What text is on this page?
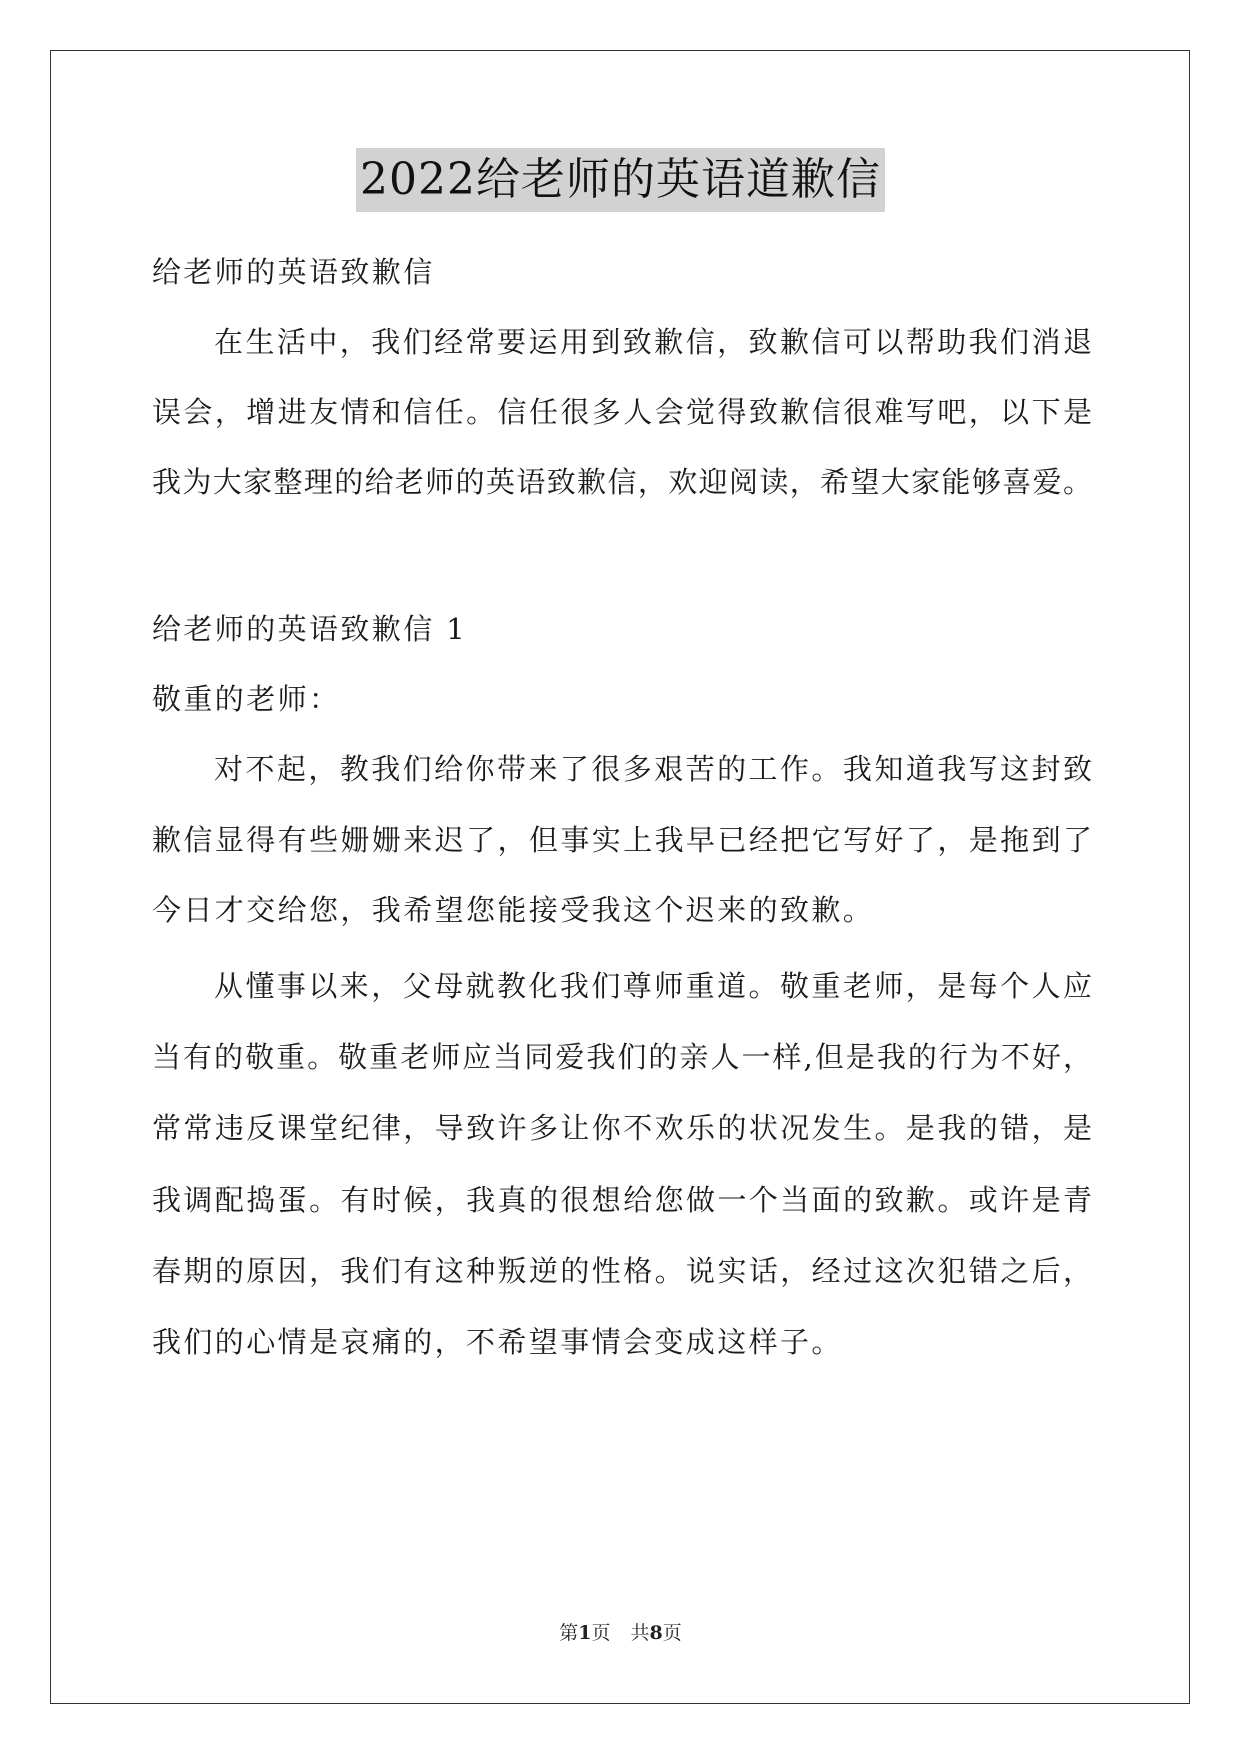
2022给老师的英语道歉信
给老师的英语致歉信
在生活中，我们经常要运用到致歉信，致歉信可以帮助我们消退
误会，增进友情和信任。信任很多人会觉得致歉信很难写吧，以下是
我为大家整理的给老师的英语致歉信，欢迎阅读，希望大家能够喜爱。
给老师的英语致歉信 1
敬重的老师：
对不起，教我们给你带来了很多艰苦的工作。我知道我写这封致
歉信显得有些姗姗来迟了，但事实上我早已经把它写好了，是拖到了
今日才交给您，我希望您能接受我这个迟来的致歉。
从懂事以来，父母就教化我们尊师重道。敬重老师，是每个人应
当有的敬重。敬重老师应当同爱我们的亲人一样,但是我的行为不好，
常常违反课堂纪律，导致许多让你不欢乐的状况发生。是我的错，是
我调配捣蛋。有时候，我真的很想给您做一个当面的致歉。或许是青
春期的原因，我们有这种叛逆的性格。说实话，经过这次犯错之后，
我们的心情是哀痛的，不希望事情会变成这样子。
第1页 共8页
